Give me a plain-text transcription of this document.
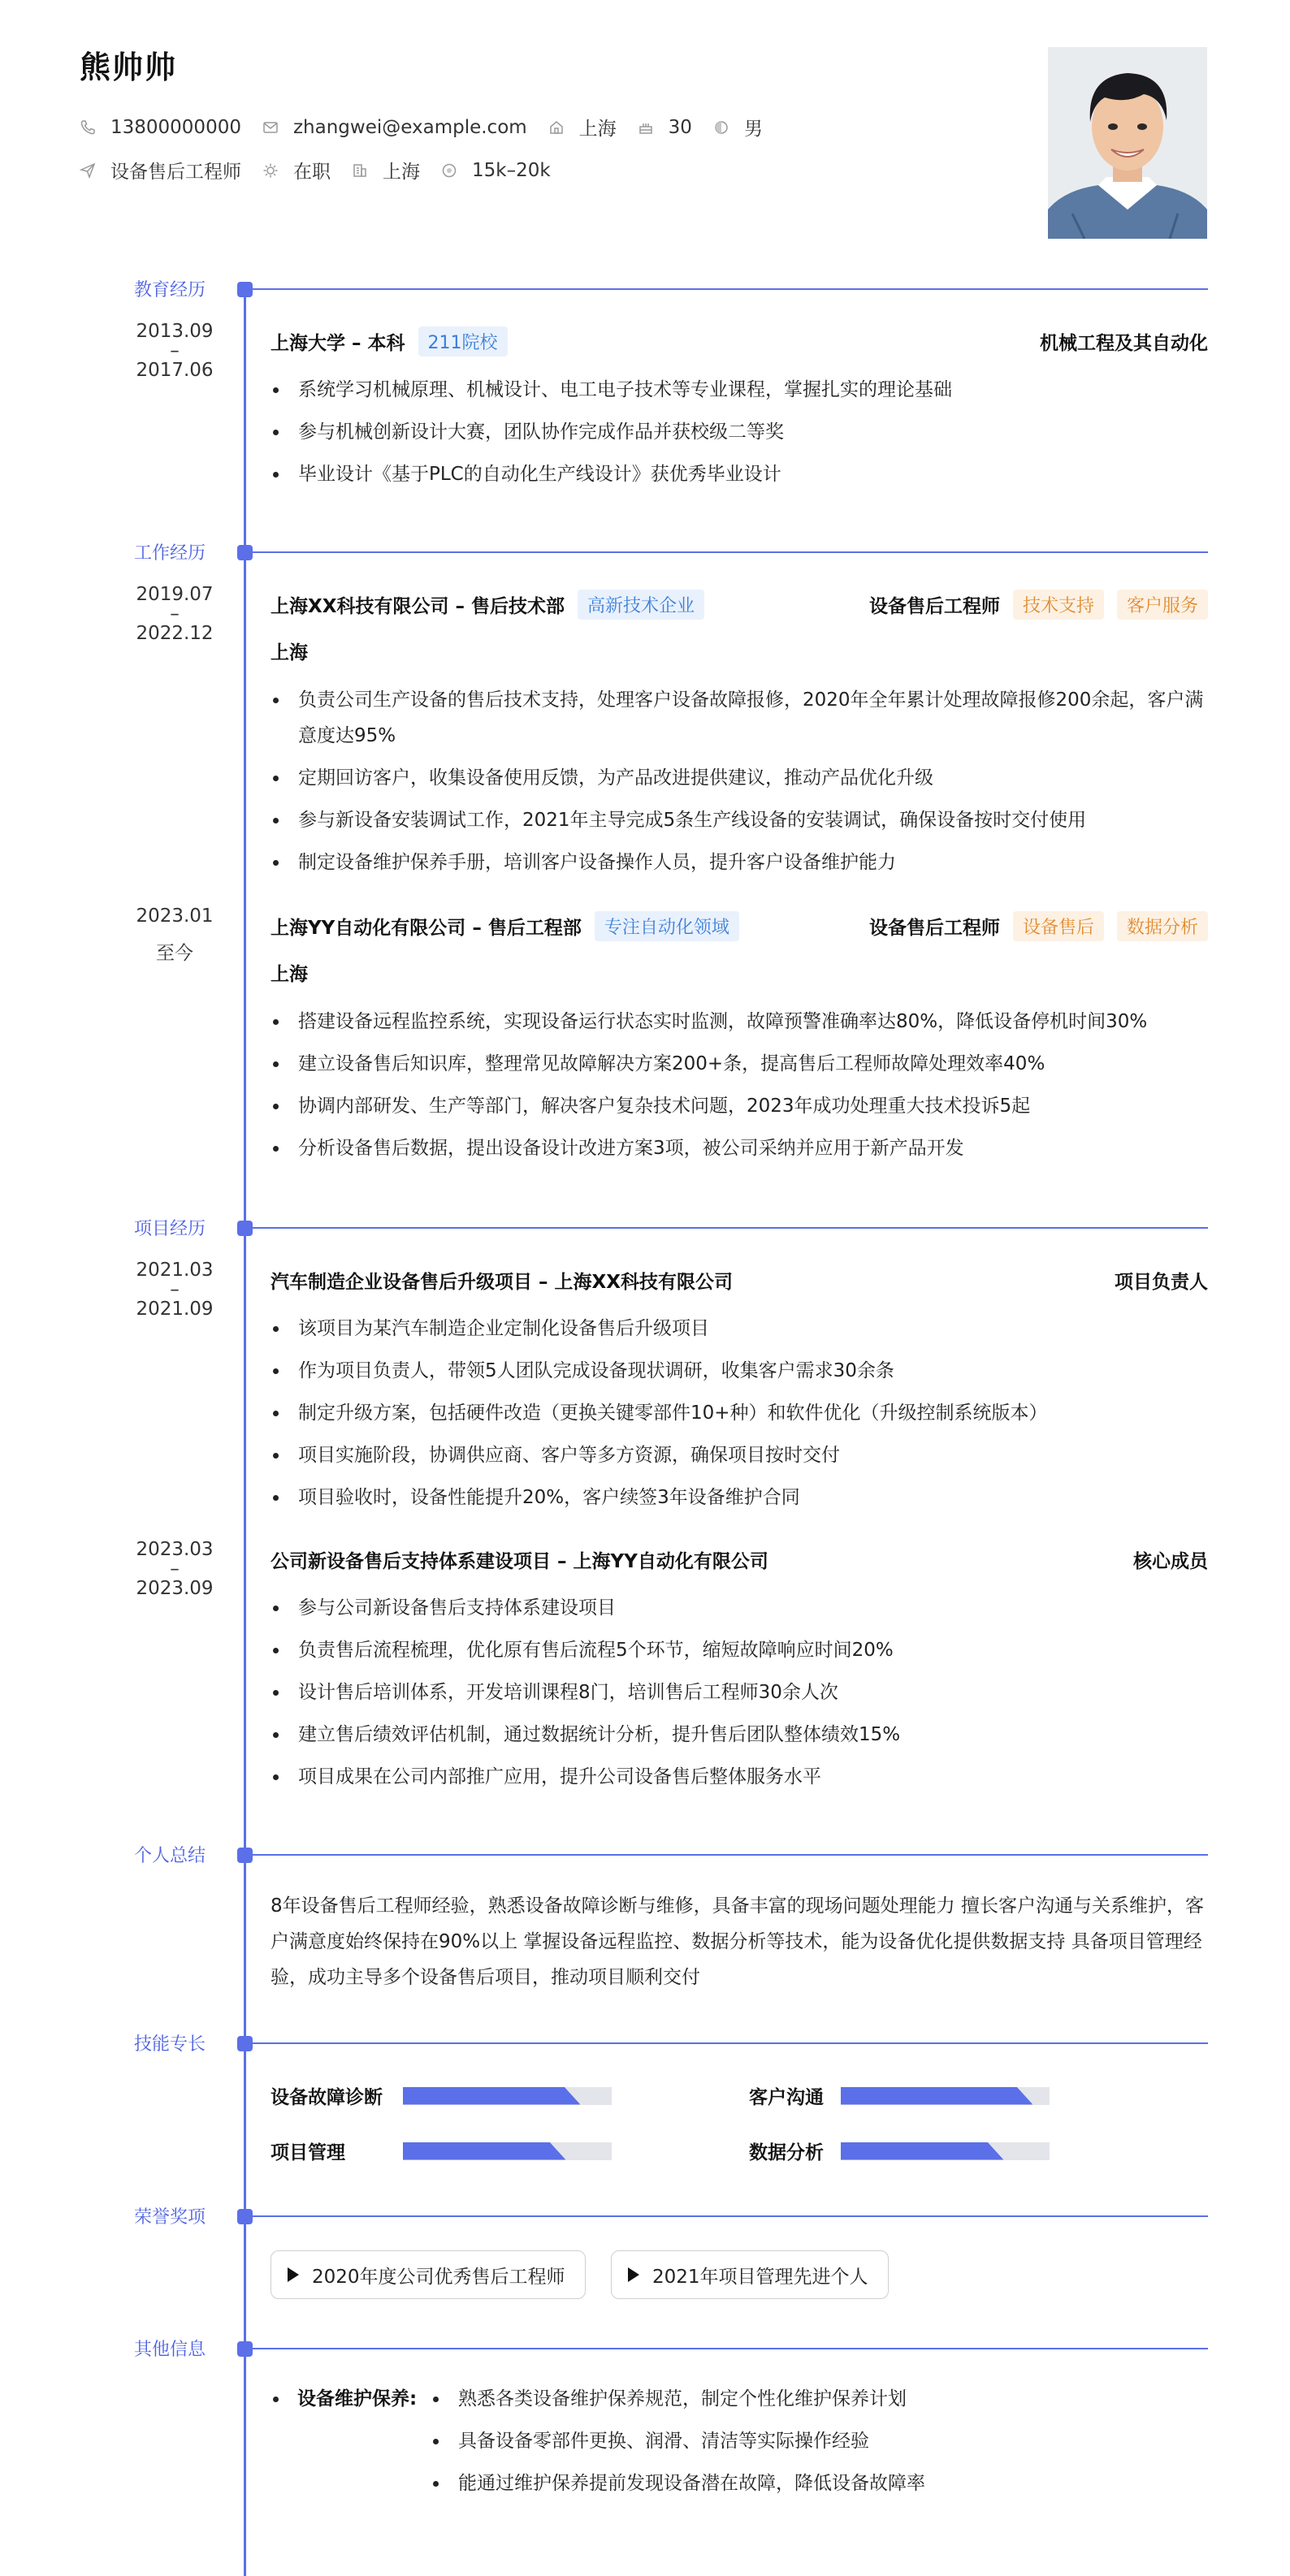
熊帅帅
13800000000	zhangwei@example.com	上海	30	男
设备售后工程师	在职	上海	15k–20k
教育经历
2013.09
–
2017.06
上海大学 – 本科	211院校	机械工程及其自动化
系统学习机械原理、机械设计、电工电子技术等专业课程，掌握扎实的理论基础
参与机械创新设计大赛，团队协作完成作品并获校级二等奖
毕业设计《基于PLC的自动化生产线设计》获优秀毕业设计
工作经历
2019.07
–
2022.12
上海XX科技有限公司 – 售后技术部	高新技术企业	设备售后工程师	技术支持	客户服务
上海
负责公司生产设备的售后技术支持，处理客户设备故障报修，2020年全年累计处理故障报修200余起，客户满意度达95%
定期回访客户，收集设备使用反馈，为产品改进提供建议，推动产品优化升级
参与新设备安装调试工作，2021年主导完成5条生产线设备的安装调试，确保设备按时交付使用
制定设备维护保养手册，培训客户设备操作人员，提升客户设备维护能力
2023.01
至今
上海YY自动化有限公司 – 售后工程部	专注自动化领域	设备售后工程师	设备售后	数据分析
上海
搭建设备远程监控系统，实现设备运行状态实时监测，故障预警准确率达80%，降低设备停机时间30%
建立设备售后知识库，整理常见故障解决方案200+条，提高售后工程师故障处理效率40%
协调内部研发、生产等部门，解决客户复杂技术问题，2023年成功处理重大技术投诉5起
分析设备售后数据，提出设备设计改进方案3项，被公司采纳并应用于新产品开发
项目经历
2021.03
–
2021.09
汽车制造企业设备售后升级项目 – 上海XX科技有限公司	项目负责人
该项目为某汽车制造企业定制化设备售后升级项目
作为项目负责人，带领5人团队完成设备现状调研，收集客户需求30余条
制定升级方案，包括硬件改造（更换关键零部件10+种）和软件优化（升级控制系统版本）
项目实施阶段，协调供应商、客户等多方资源，确保项目按时交付
项目验收时，设备性能提升20%，客户续签3年设备维护合同
2023.03
–
2023.09
公司新设备售后支持体系建设项目 – 上海YY自动化有限公司	核心成员
参与公司新设备售后支持体系建设项目
负责售后流程梳理，优化原有售后流程5个环节，缩短故障响应时间20%
设计售后培训体系，开发培训课程8门，培训售后工程师30余人次
建立售后绩效评估机制，通过数据统计分析，提升售后团队整体绩效15%
项目成果在公司内部推广应用，提升公司设备售后整体服务水平
个人总结
8年设备售后工程师经验，熟悉设备故障诊断与维修，具备丰富的现场问题处理能力 擅长客户沟通与关系维护，客户满意度始终保持在90%以上 掌握设备远程监控、数据分析等技术，能为设备优化提供数据支持 具备项目管理经验，成功主导多个设备售后项目，推动项目顺利交付
技能专长
设备故障诊断	客户沟通
项目管理	数据分析
荣誉奖项
2020年度公司优秀售后工程师	2021年项目管理先进个人
其他信息
设备维护保养:	熟悉各类设备维护保养规范，制定个性化维护保养计划
具备设备零部件更换、润滑、清洁等实际操作经验
能通过维护保养提前发现设备潜在故障，降低设备故障率
